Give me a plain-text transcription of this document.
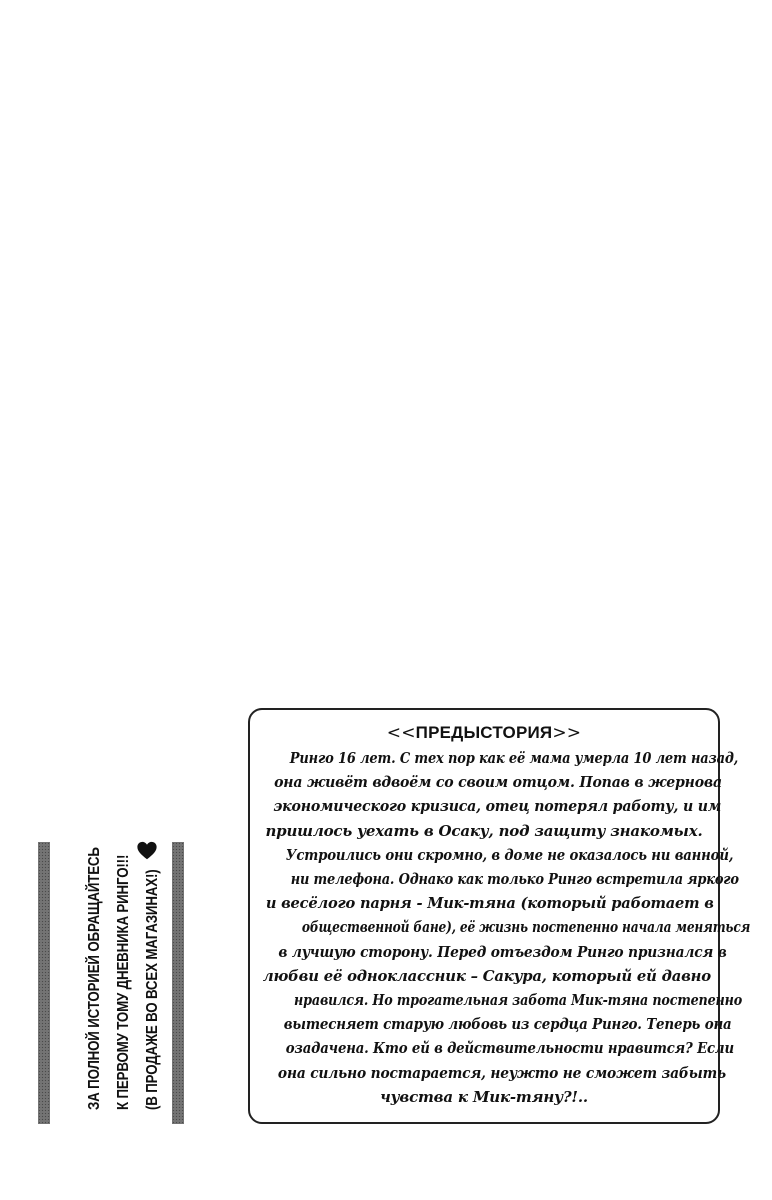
ЗА ПОЛНОЙ ИСТОРИЕЙ ОБРАЩАЙТЕСЬ К ПЕРВОМУ ТОМУ ДНЕВНИКА РИНГО!!! (В ПРОДАЖЕ ВО ВСЕХ МАГАЗИНАХ!)

<<ПРЕДЫСТОРИЯ>>

Ринго 16 лет. С тех пор как её мама умерла 10 лет назад,
она живёт вдвоём со своим отцом. Попав в жернова
экономического кризиса, отец потерял работу, и им
пришлось уехать в Осаку, под защиту знакомых.
Устроились они скромно, в доме не оказалось ни ванной,
ни телефона. Однако как только Ринго встретила яркого
и весёлого парня - Мик-тяна (который работает в
общественной бане), её жизнь постепенно начала меняться
в лучшую сторону. Перед отъездом Ринго признался в
любви её одноклассник – Сакура, который ей давно
нравился. Но трогательная забота Мик-тяна постепенно
вытесняет старую любовь из сердца Ринго. Теперь она
озадачена. Кто ей в действительности нравится? Если
она сильно постарается, неужто не сможет забыть
чувства к Мик-тяну?!..
